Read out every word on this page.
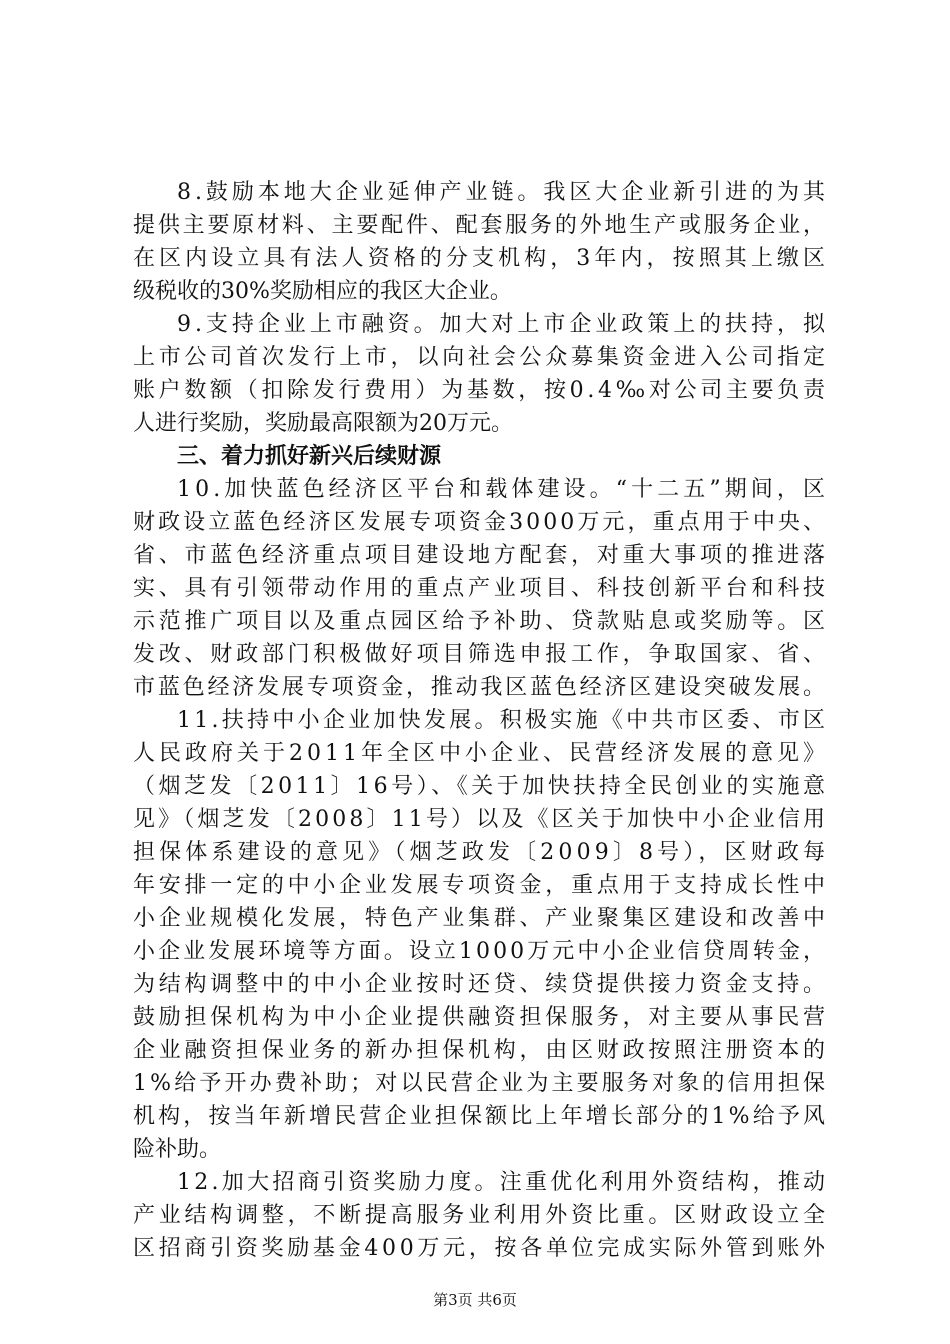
8.鼓励本地大企业延伸产业链。我区大企业新引进的为其
提供主要原材料、主要配件、配套服务的外地生产或服务企业，
在区内设立具有法人资格的分支机构，3年内，按照其上缴区
级税收的30%奖励相应的我区大企业。
9.支持企业上市融资。加大对上市企业政策上的扶持，拟
上市公司首次发行上市，以向社会公众募集资金进入公司指定
账户数额（扣除发行费用）为基数，按0.4‰对公司主要负责
人进行奖励，奖励最高限额为20万元。
三、着力抓好新兴后续财源
10.加快蓝色经济区平台和载体建设。“十二五”期间，区
财政设立蓝色经济区发展专项资金3000万元，重点用于中央、
省、市蓝色经济重点项目建设地方配套，对重大事项的推进落
实、具有引领带动作用的重点产业项目、科技创新平台和科技
示范推广项目以及重点园区给予补助、贷款贴息或奖励等。区
发改、财政部门积极做好项目筛选申报工作，争取国家、省、
市蓝色经济发展专项资金，推动我区蓝色经济区建设突破发展。
11.扶持中小企业加快发展。积极实施《中共市区委、市区
人民政府关于2011年全区中小企业、民营经济发展的意见》
（烟芝发〔2011〕16号）、《关于加快扶持全民创业的实施意
见》（烟芝发〔2008〕11号）以及《区关于加快中小企业信用
担保体系建设的意见》（烟芝政发〔2009〕8号），区财政每
年安排一定的中小企业发展专项资金，重点用于支持成长性中
小企业规模化发展，特色产业集群、产业聚集区建设和改善中
小企业发展环境等方面。设立1000万元中小企业信贷周转金，
为结构调整中的中小企业按时还贷、续贷提供接力资金支持。
鼓励担保机构为中小企业提供融资担保服务，对主要从事民营
企业融资担保业务的新办担保机构，由区财政按照注册资本的
1%给予开办费补助；对以民营企业为主要服务对象的信用担保
机构，按当年新增民营企业担保额比上年增长部分的1%给予风
险补助。
12.加大招商引资奖励力度。注重优化利用外资结构，推动
产业结构调整，不断提高服务业利用外资比重。区财政设立全
区招商引资奖励基金400万元，按各单位完成实际外管到账外
第3页 共6页
